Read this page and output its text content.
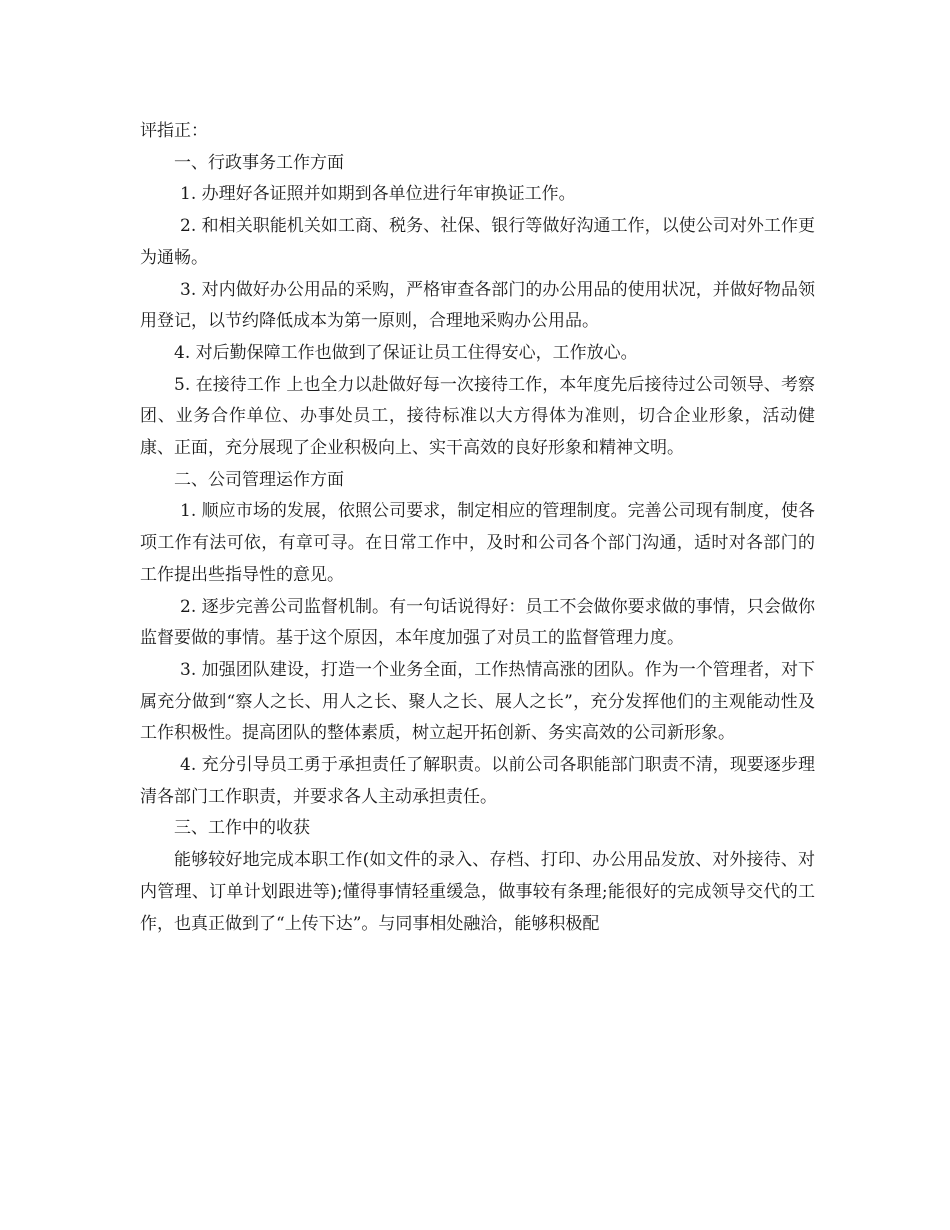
评指正：

一、行政事务工作方面

1. 办理好各证照并如期到各单位进行年审换证工作。

2. 和相关职能机关如工商、税务、社保、银行等做好沟通工作，以使公司对外工作更为通畅。

3. 对内做好办公用品的采购，严格审查各部门的办公用品的使用状况，并做好物品领用登记，以节约降低成本为第一原则，合理地采购办公用品。

4. 对后勤保障工作也做到了保证让员工住得安心，工作放心。

5. 在接待工作 上也全力以赴做好每一次接待工作，本年度先后接待过公司领导、考察团、业务合作单位、办事处员工，接待标准以大方得体为准则，切合企业形象，活动健康、正面，充分展现了企业积极向上、实干高效的良好形象和精神文明。

二、公司管理运作方面

1. 顺应市场的发展，依照公司要求，制定相应的管理制度。完善公司现有制度，使各项工作有法可依，有章可寻。在日常工作中，及时和公司各个部门沟通，适时对各部门的工作提出些指导性的意见。

2. 逐步完善公司监督机制。有一句话说得好：员工不会做你要求做的事情，只会做你监督要做的事情。基于这个原因，本年度加强了对员工的监督管理力度。

3. 加强团队建设，打造一个业务全面，工作热情高涨的团队。作为一个管理者，对下属充分做到“察人之长、用人之长、聚人之长、展人之长”，充分发挥他们的主观能动性及工作积极性。提高团队的整体素质，树立起开拓创新、务实高效的公司新形象。

4. 充分引导员工勇于承担责任了解职责。以前公司各职能部门职责不清，现要逐步理清各部门工作职责，并要求各人主动承担责任。

三、工作中的收获

能够较好地完成本职工作(如文件的录入、存档、打印、办公用品发放、对外接待、对内管理、订单计划跟进等);懂得事情轻重缓急，做事较有条理;能很好的完成领导交代的工作，也真正做到了“上传下达”。与同事相处融洽，能够积极配
